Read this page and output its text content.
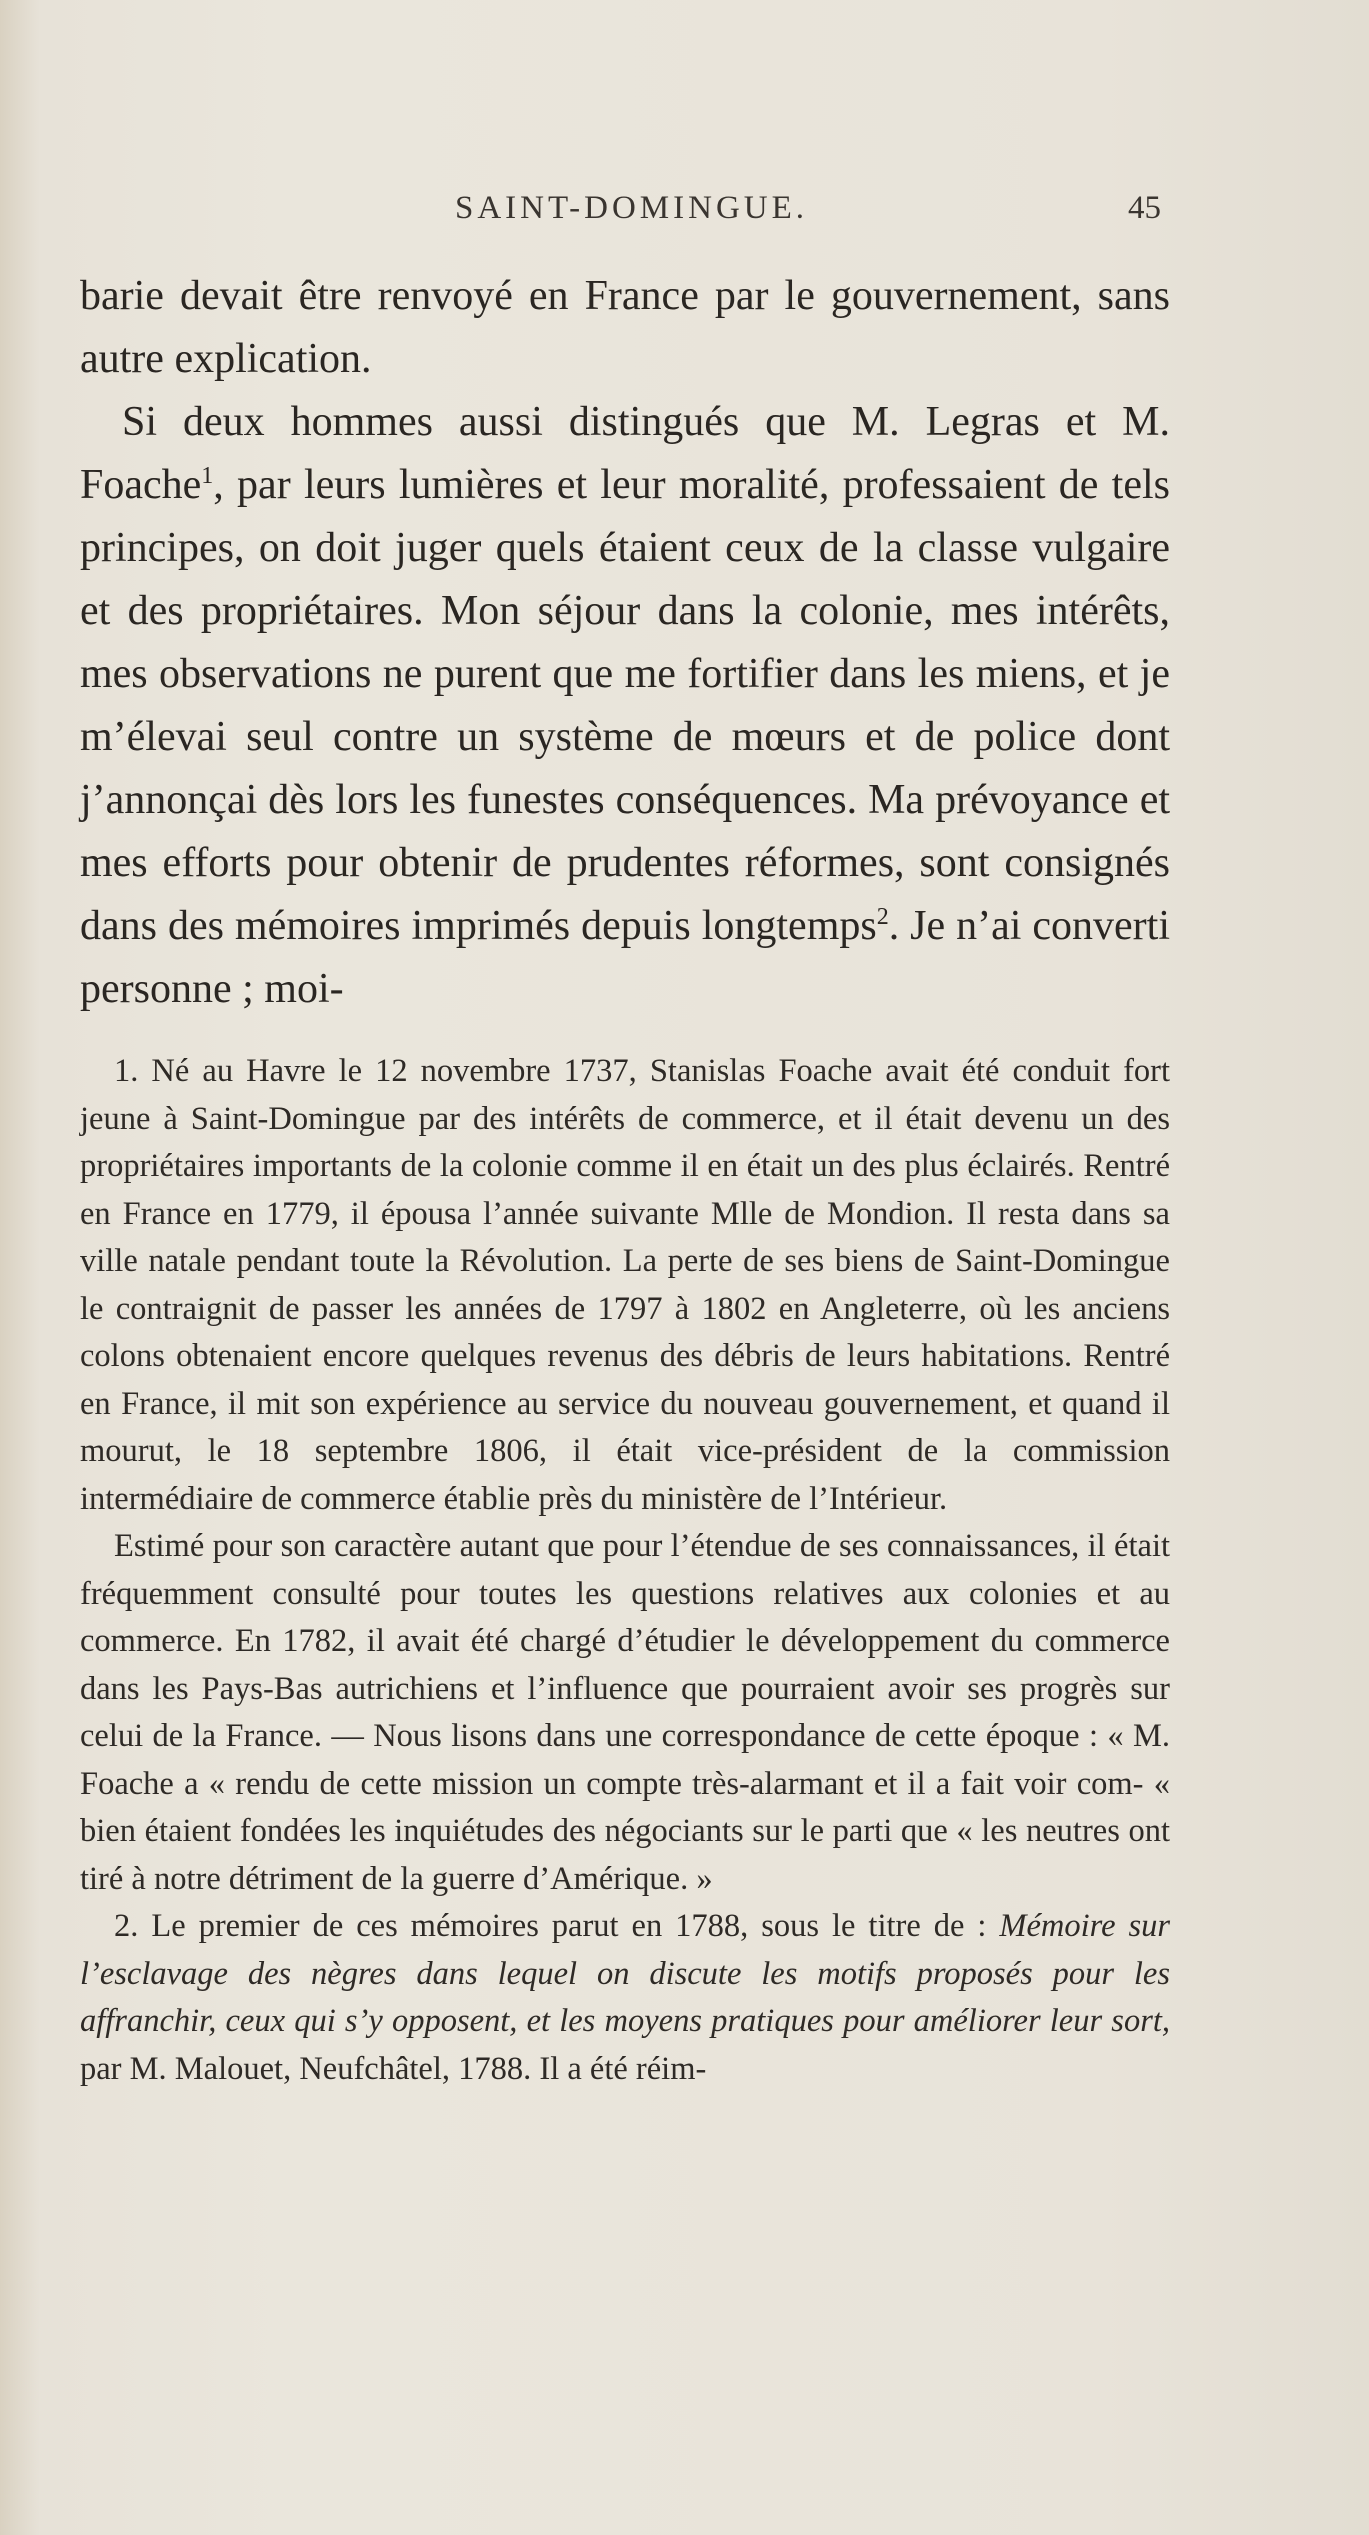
SAINT-DOMINGUE.	45

barie devait être renvoyé en France par le gouvernement, sans autre explication.

Si deux hommes aussi distingués que M. Legras et M. Foache$^1$, par leurs lumières et leur moralité, professaient de tels principes, on doit juger quels étaient ceux de la classe vulgaire et des propriétaires. Mon séjour dans la colonie, mes intérêts, mes observations ne purent que me fortifier dans les miens, et je m’élevai seul contre un système de mœurs et de police dont j’annonçai dès lors les funestes conséquences. Ma prévoyance et mes efforts pour obtenir de prudentes réformes, sont consignés dans des mémoires imprimés depuis longtemps$^2$. Je n’ai converti personne ; moi-

1. Né au Havre le 12 novembre 1737, Stanislas Foache avait été conduit fort jeune à Saint-Domingue par des intérêts de commerce, et il était devenu un des propriétaires importants de la colonie comme il en était un des plus éclairés. Rentré en France en 1779, il épousa l’année suivante Mlle de Mondion. Il resta dans sa ville natale pendant toute la Révolution. La perte de ses biens de Saint-Domingue le contraignit de passer les années de 1797 à 1802 en Angleterre, où les anciens colons obtenaient encore quelques revenus des débris de leurs habitations. Rentré en France, il mit son expérience au service du nouveau gouvernement, et quand il mourut, le 18 septembre 1806, il était vice-président de la commission intermédiaire de commerce établie près du ministère de l’Intérieur.

Estimé pour son caractère autant que pour l’étendue de ses connaissances, il était fréquemment consulté pour toutes les questions relatives aux colonies et au commerce. En 1782, il avait été chargé d’étudier le développement du commerce dans les Pays-Bas autrichiens et l’influence que pourraient avoir ses progrès sur celui de la France. — Nous lisons dans une correspondance de cette époque : « M. Foache a « rendu de cette mission un compte très-alarmant et il a fait voir com- « bien étaient fondées les inquiétudes des négociants sur le parti que « les neutres ont tiré à notre détriment de la guerre d’Amérique. »

2. Le premier de ces mémoires parut en 1788, sous le titre de : Mémoire sur l’esclavage des nègres dans lequel on discute les motifs proposés pour les affranchir, ceux qui s’y opposent, et les moyens pratiques pour améliorer leur sort, par M. Malouet, Neufchâtel, 1788. Il a été réim-
